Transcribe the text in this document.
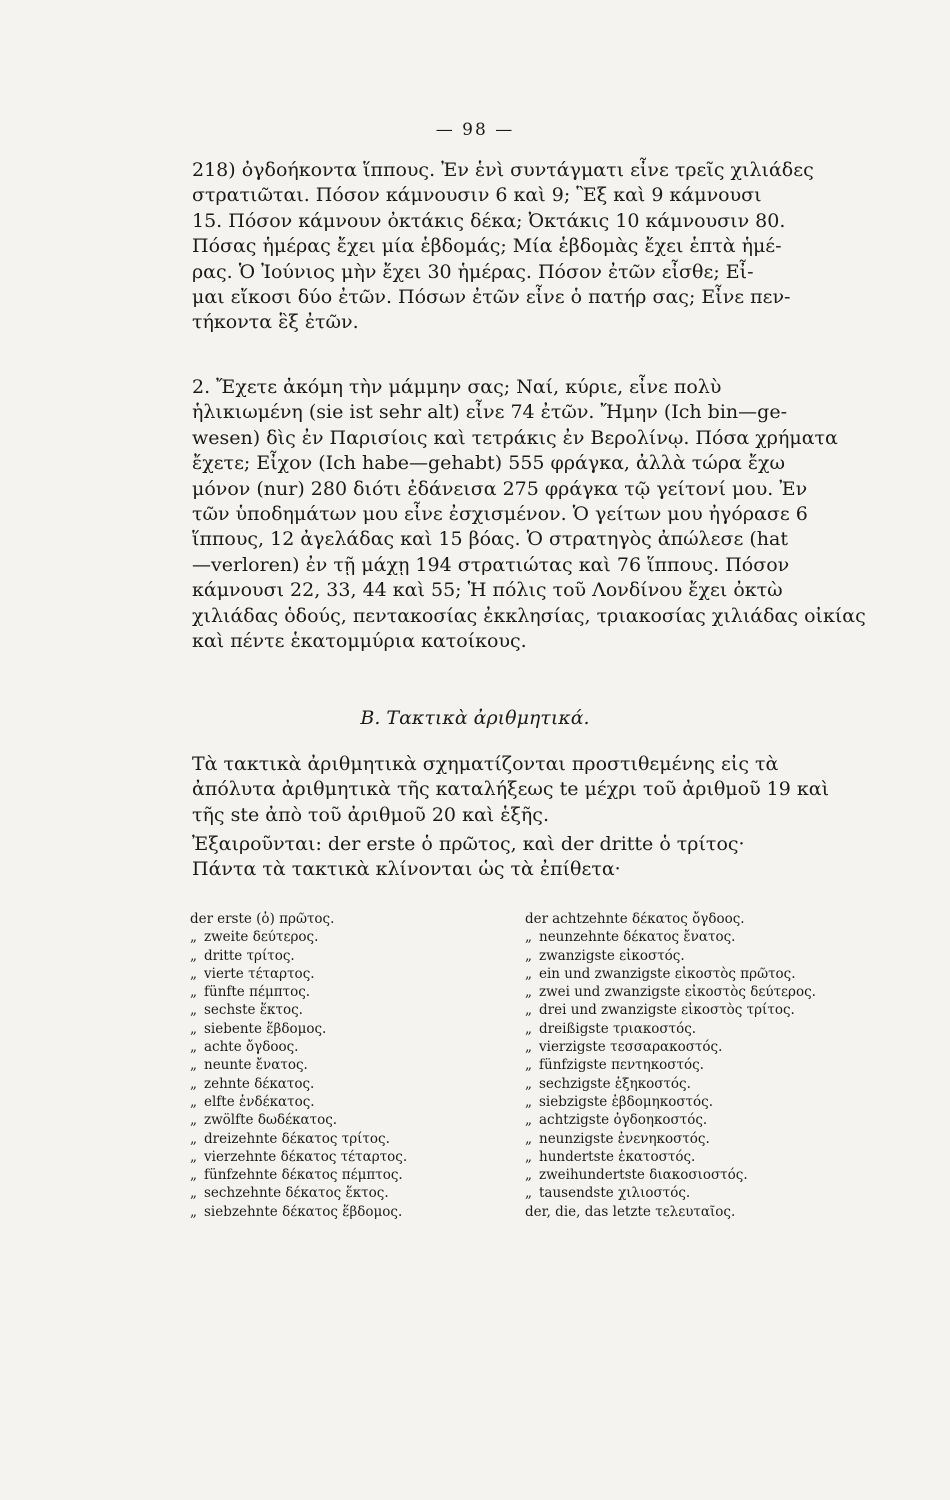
— 98 —
218) ὀγδοήκοντα ἵππους. Ἐν ἑνὶ συντάγματι εἶνε τρεῖς χιλιάδες
στρατιῶται. Πόσον κάμνουσιν 6 καὶ 9; Ἓξ καὶ 9 κάμνουσι
15. Πόσον κάμνουν ὀκτάκις δέκα; Ὀκτάκις 10 κάμνουσιν 80.
Πόσας ἡμέρας ἔχει μία ἑβδομάς; Μία ἑβδομὰς ἔχει ἑπτὰ ἡμέ-
ρας. Ὁ Ἰούνιος μὴν ἔχει 30 ἡμέρας. Πόσον ἐτῶν εἶσθε; Εἶ-
μαι εἴκοσι δύο ἐτῶν. Πόσων ἐτῶν εἶνε ὁ πατήρ σας; Εἶνε πεν-
τήκοντα ἓξ ἐτῶν.
2. Ἔχετε ἀκόμη τὴν μάμμην σας; Ναί, κύριε, εἶνε πολὺ
ἡλικιωμένη (sie ist sehr alt) εἶνε 74 ἐτῶν. Ἤμην (Ich bin—ge-
wesen) δὶς ἐν Παρισίοις καὶ τετράκις ἐν Βερολίνῳ. Πόσα χρήματα
ἔχετε; Εἶχον (Ich habe—gehabt) 555 φράγκα, ἀλλὰ τώρα ἔχω
μόνον (nur) 280 διότι ἐδάνεισα 275 φράγκα τῷ γείτονί μου. Ἐν
τῶν ὑποδημάτων μου εἶνε ἐσχισμένον. Ὁ γείτων μου ἠγόρασε 6
ἵππους, 12 ἀγελάδας καὶ 15 βόας. Ὁ στρατηγὸς ἀπώλεσε (hat
—verloren) ἐν τῇ μάχῃ 194 στρατιώτας καὶ 76 ἵππους. Πόσον
κάμνουσι 22, 33, 44 καὶ 55; Ἡ πόλις τοῦ Λονδίνου ἔχει ὀκτὼ
χιλιάδας ὁδούς, πεντακοσίας ἐκκλησίας, τριακοσίας χιλιάδας οἰκίας
καὶ πέντε ἑκατομμύρια κατοίκους.
Β. Τακτικὰ ἀριθμητικά.
Τὰ τακτικὰ ἀριθμητικὰ σχηματίζονται προστιθεμένης εἰς τὰ
ἀπόλυτα ἀριθμητικὰ τῆς καταλήξεως te μέχρι τοῦ ἀριθμοῦ 19 καὶ
τῆς ste ἀπὸ τοῦ ἀριθμοῦ 20 καὶ ἑξῆς.
Ἐξαιροῦνται: der erste ὁ πρῶτος, καὶ der dritte ὁ τρίτος·
Πάντα τὰ τακτικὰ κλίνονται ὡς τὰ ἐπίθετα·
der erste (ὁ) πρῶτος.
„ zweite δεύτερος.
„ dritte τρίτος.
„ vierte τέταρτος.
„ fünfte πέμπτος.
„ sechste ἕκτος.
„ siebente ἕβδομος.
„ achte ὄγδοος.
„ neunte ἔνατος.
„ zehnte δέκατος.
„ elfte ἑνδέκατος.
„ zwölfte δωδέκατος.
„ dreizehnte δέκατος τρίτος.
„ vierzehnte δέκατος τέταρτος.
„ fünfzehnte δέκατος πέμπτος.
„ sechzehnte δέκατος ἕκτος.
„ siebzehnte δέκατος ἕβδομος.
der achtzehnte δέκατος ὄγδοος.
„ neunzehnte δέκατος ἔνατος.
„ zwanzigste εἰκοστός.
„ ein und zwanzigste εἰκοστὸς πρῶτος.
„ zwei und zwanzigste εἰκοστὸς δεύτερος.
„ drei und zwanzigste εἰκοστὸς τρίτος.
„ dreißigste τριακοστός.
„ vierzigste τεσσαρακοστός.
„ fünfzigste πεντηκοστός.
„ sechzigste ἑξηκοστός.
„ siebzigste ἑβδομηκοστός.
„ achtzigste ὀγδοηκοστός.
„ neunzigste ἐνενηκοστός.
„ hundertste ἑκατοστός.
„ zweihundertste διακοσιοστός.
„ tausendste χιλιοστός.
der, die, das letzte τελευταῖος.
